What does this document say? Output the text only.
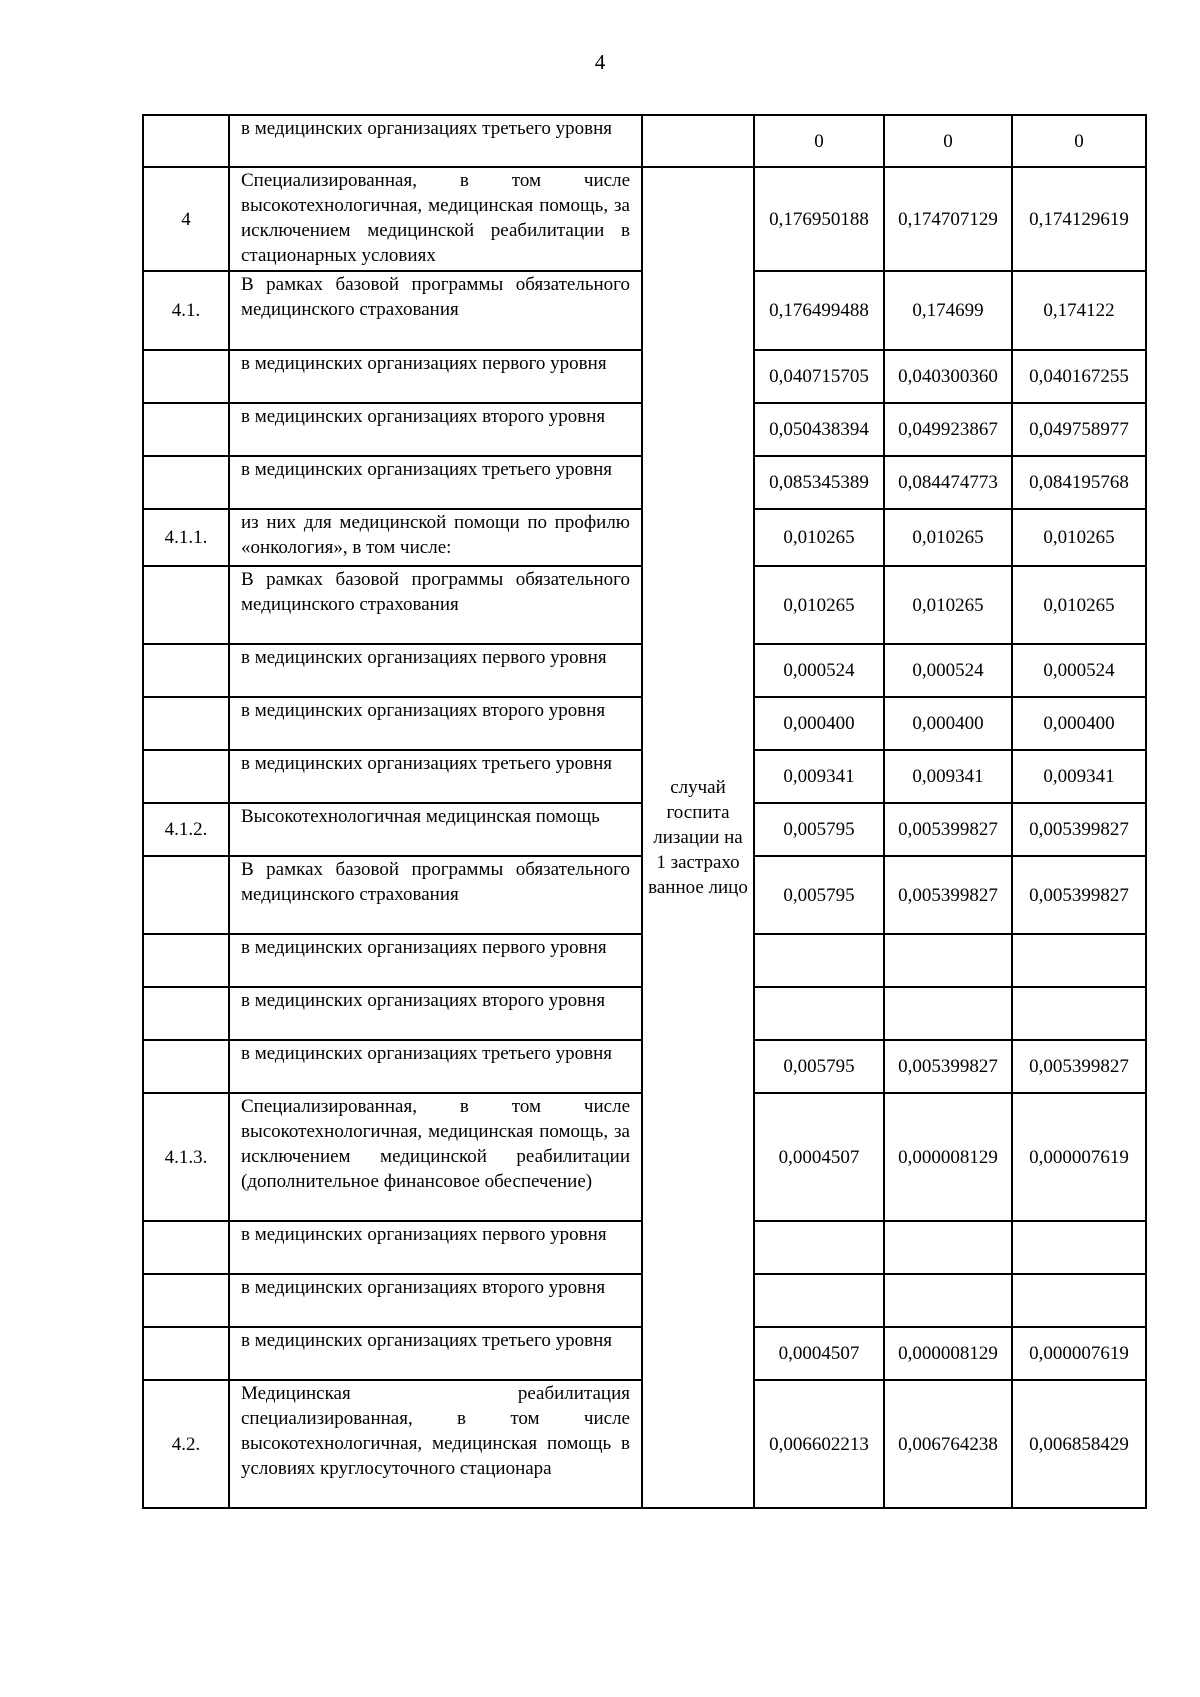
4
	в медицинских организациях третьего уровня		0	0	0
4	Специализированная, в том числе высокотехнологичная, медицинская помощь, за исключением медицинской реабилитации в стационарных условиях	случай госпита лизации на 1 застрахо ванное лицо	0,176950188	0,174707129	0,174129619
4.1.	В рамках базовой программы обязательного медицинского страхования		0,176499488	0,174699	0,174122
	в медицинских организациях первого уровня		0,040715705	0,040300360	0,040167255
	в медицинских организациях второго уровня		0,050438394	0,049923867	0,049758977
	в медицинских организациях третьего уровня		0,085345389	0,084474773	0,084195768
4.1.1.	из них для медицинской помощи по профилю «онкология», в том числе:		0,010265	0,010265	0,010265
	В рамках базовой программы обязательного медицинского страхования		0,010265	0,010265	0,010265
	в медицинских организациях первого уровня		0,000524	0,000524	0,000524
	в медицинских организациях второго уровня		0,000400	0,000400	0,000400
	в медицинских организациях третьего уровня		0,009341	0,009341	0,009341
4.1.2.	Высокотехнологичная медицинская помощь		0,005795	0,005399827	0,005399827
	В рамках базовой программы обязательного медицинского страхования		0,005795	0,005399827	0,005399827
	в медицинских организациях первого уровня				
	в медицинских организациях второго уровня				
	в медицинских организациях третьего уровня		0,005795	0,005399827	0,005399827
4.1.3.	Специализированная, в том числе высокотехнологичная, медицинская помощь, за исключением медицинской реабилитации (дополнительное финансовое обеспечение)		0,0004507	0,000008129	0,000007619
	в медицинских организациях первого уровня				
	в медицинских организациях второго уровня				
	в медицинских организациях третьего уровня		0,0004507	0,000008129	0,000007619
4.2.	Медицинская реабилитация специализированная, в том числе высокотехнологичная, медицинская помощь в условиях круглосуточного стационара		0,006602213	0,006764238	0,006858429
